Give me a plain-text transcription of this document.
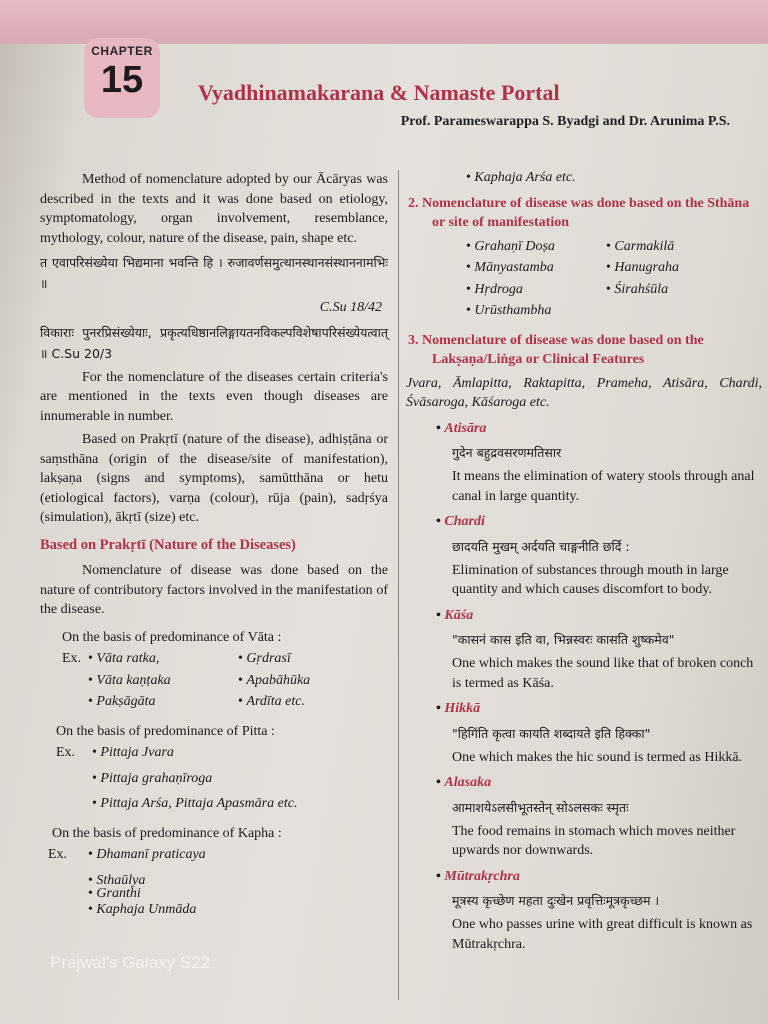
CHAPTER
15	Vyadhinamakarana & Namaste Portal
Prof. Parameswarappa S. Byadgi and Dr. Arunima P.S.

Method of nomenclature adopted by our Ācāryas was described in the texts and it was done based on etiology, symptomatology, organ involvement, resemblance, mythology, colour, nature of the disease, pain, shape etc.

त एवापरिसंख्येया भिद्यमाना भवन्ति हि । रुजावर्णसमुत्थानस्थानसंस्थाननामभिः ॥

C.Su 18/42

विकाराः पुनरप्रिसंख्येयाः, प्रकृत्यधिष्ठानलिङ्गायतनविकल्पविशेषापरिसंख्येयत्वात् ॥ C.Su 20/3

For the nomenclature of the diseases certain criteria's are mentioned in the texts even though diseases are innumerable in number.

Based on Prakṛtī (nature of the disease), adhiṣṭāna or saṃsthāna (origin of the disease/site of manifestation), lakṣaṇa (signs and symptoms), samūtthāna or hetu (etiological factors), varṇa (colour), rūja (pain), sadṛśya (simulation), ākṛtī (size) etc.

Based on Prakṛtī (Nature of the Diseases)

Nomenclature of disease was done based on the nature of contributory factors involved in the manifestation of the disease.

On the basis of predominance of Vāta :
Ex.	• Vāta ratka,	• Gṛdrasī
• Vāta kaṇṭaka	• Apabāhūka
• Pakṣāgāta	• Ardīta etc.
On the basis of predominance of Pitta :
Ex.	• Pittaja Jvara
• Pittaja grahaṇīroga
• Pittaja Arśa, Pittaja Apasmāra etc.
On the basis of predominance of Kapha :
Ex.	• Dhamanī praticaya
• Sthaūlya
• Granthi
• Kaphaja Unmāda
• Kaphaja Arśa etc.
2. Nomenclature of disease was done based on the Sthāna or site of manifestation
• Grahaṇī Doṣa	• Carmakilā
• Mānyastamba	• Hanugraha
• Hṛdroga	• Śirahśūla
• Urūsthambha
3. Nomenclature of disease was done based on the Lakṣaṇa/Liṅga or Clinical Features

Jvara, Āmlapitta, Raktapitta, Prameha, Atisāra, Chardi, Śvāsaroga, Kāśaroga etc.

• Atisāra

गुदेन बहुद्रवसरणमतिसार

It means the elimination of watery stools through anal canal in large quantity.

• Chardi

छादयति मुखम् अर्दयति चाङ्गनीति छर्दि :

Elimination of substances through mouth in large quantity and which causes discomfort to body.

• Kāśa

"कासनं कास इति वा, भिन्नस्वरः कासति शुष्कमेव"

One which makes the sound like that of broken conch is termed as Kāśa.

• Hikkā

"हिगिंति कृत्वा कायति शब्दायते इति हिक्का"

One which makes the hic sound is termed as Hikkā.

• Alasaka

आमाशयेऽलसीभूतस्तेन् सोऽलसकः स्मृतः

The food remains in stomach which moves neither upwards nor downwards.

• Mūtrakṛchra

मूत्रस्य कृच्छेण महता दुःखेन प्रवृत्तिःमूत्रकृच्छम ।

One who passes urine with great difficult is known as Mūtrakṛchra.

Prajwal's Galaxy S22
